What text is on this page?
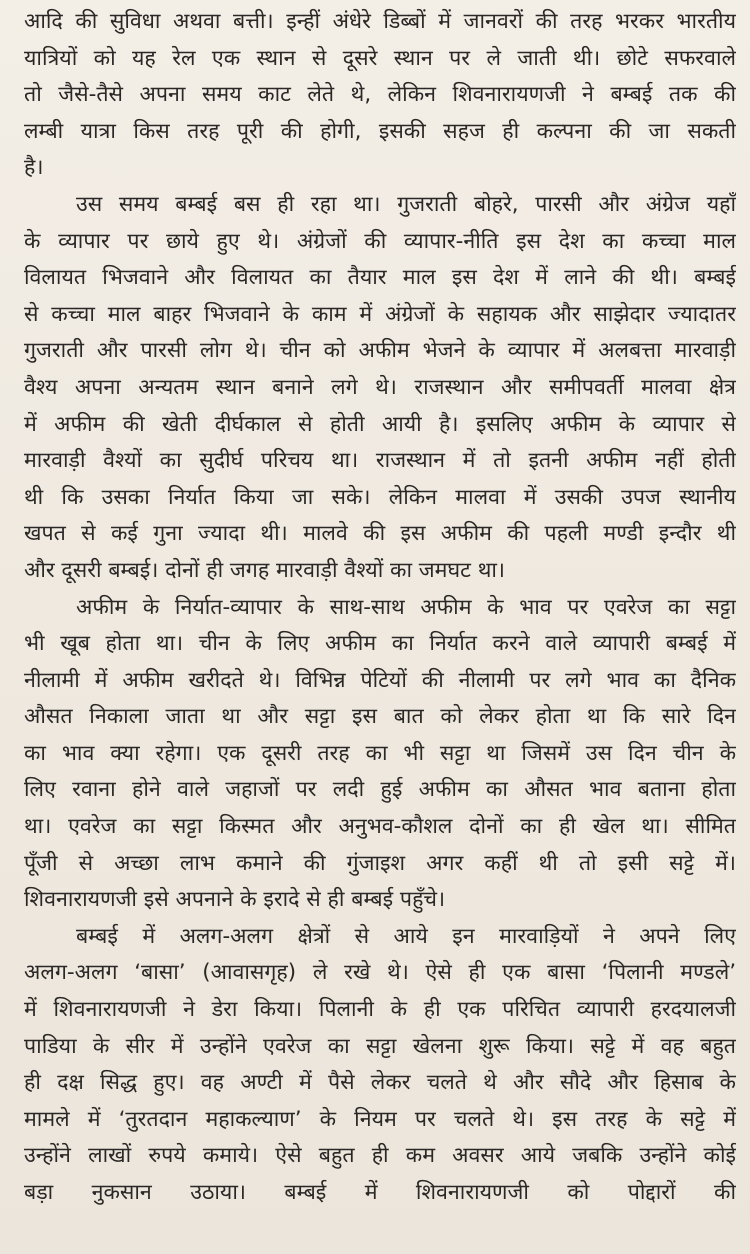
आदि की सुविधा अथवा बत्ती। इन्हीं अंधेरे डिब्बों में जानवरों की तरह भरकर भारतीय
यात्रियों को यह रेल एक स्थान से दूसरे स्थान पर ले जाती थी। छोटे सफरवाले
तो जैसे-तैसे अपना समय काट लेते थे, लेकिन शिवनारायणजी ने बम्बई तक की
लम्बी यात्रा किस तरह पूरी की होगी, इसकी सहज ही कल्पना की जा सकती
है।
उस समय बम्बई बस ही रहा था। गुजराती बोहरे, पारसी और अंग्रेज यहाँ
के व्यापार पर छाये हुए थे। अंग्रेजों की व्यापार-नीति इस देश का कच्चा माल
विलायत भिजवाने और विलायत का तैयार माल इस देश में लाने की थी। बम्बई
से कच्चा माल बाहर भिजवाने के काम में अंग्रेजों के सहायक और साझेदार ज्यादातर
गुजराती और पारसी लोग थे। चीन को अफीम भेजने के व्यापार में अलबत्ता मारवाड़ी
वैश्य अपना अन्यतम स्थान बनाने लगे थे। राजस्थान और समीपवर्ती मालवा क्षेत्र
में अफीम की खेती दीर्घकाल से होती आयी है। इसलिए अफीम के व्यापार से
मारवाड़ी वैश्यों का सुदीर्घ परिचय था। राजस्थान में तो इतनी अफीम नहीं होती
थी कि उसका निर्यात किया जा सके। लेकिन मालवा में उसकी उपज स्थानीय
खपत से कई गुना ज्यादा थी। मालवे की इस अफीम की पहली मण्डी इन्दौर थी
और दूसरी बम्बई। दोनों ही जगह मारवाड़ी वैश्यों का जमघट था।
अफीम के निर्यात-व्यापार के साथ-साथ अफीम के भाव पर एवरेज का सट्टा
भी खूब होता था। चीन के लिए अफीम का निर्यात करने वाले व्यापारी बम्बई में
नीलामी में अफीम खरीदते थे। विभिन्न पेटियों की नीलामी पर लगे भाव का दैनिक
औसत निकाला जाता था और सट्टा इस बात को लेकर होता था कि सारे दिन
का भाव क्या रहेगा। एक दूसरी तरह का भी सट्टा था जिसमें उस दिन चीन के
लिए रवाना होने वाले जहाजों पर लदी हुई अफीम का औसत भाव बताना होता
था। एवरेज का सट्टा किस्मत और अनुभव-कौशल दोनों का ही खेल था। सीमित
पूँजी से अच्छा लाभ कमाने की गुंजाइश अगर कहीं थी तो इसी सट्टे में।
शिवनारायणजी इसे अपनाने के इरादे से ही बम्बई पहुँचे।
बम्बई में अलग-अलग क्षेत्रों से आये इन मारवाड़ियों ने अपने लिए
अलग-अलग ‘बासा’ (आवासगृह) ले रखे थे। ऐसे ही एक बासा ‘पिलानी मण्डले’
में शिवनारायणजी ने डेरा किया। पिलानी के ही एक परिचित व्यापारी हरदयालजी
पाडिया के सीर में उन्होंने एवरेज का सट्टा खेलना शुरू किया। सट्टे में वह बहुत
ही दक्ष सिद्ध हुए। वह अण्टी में पैसे लेकर चलते थे और सौदे और हिसाब के
मामले में ‘तुरतदान महाकल्याण’ के नियम पर चलते थे। इस तरह के सट्टे में
उन्होंने लाखों रुपये कमाये। ऐसे बहुत ही कम अवसर आये जबकि उन्होंने कोई
बड़ा नुकसान उठाया। बम्बई में शिवनारायणजी को पोद्दारों की
